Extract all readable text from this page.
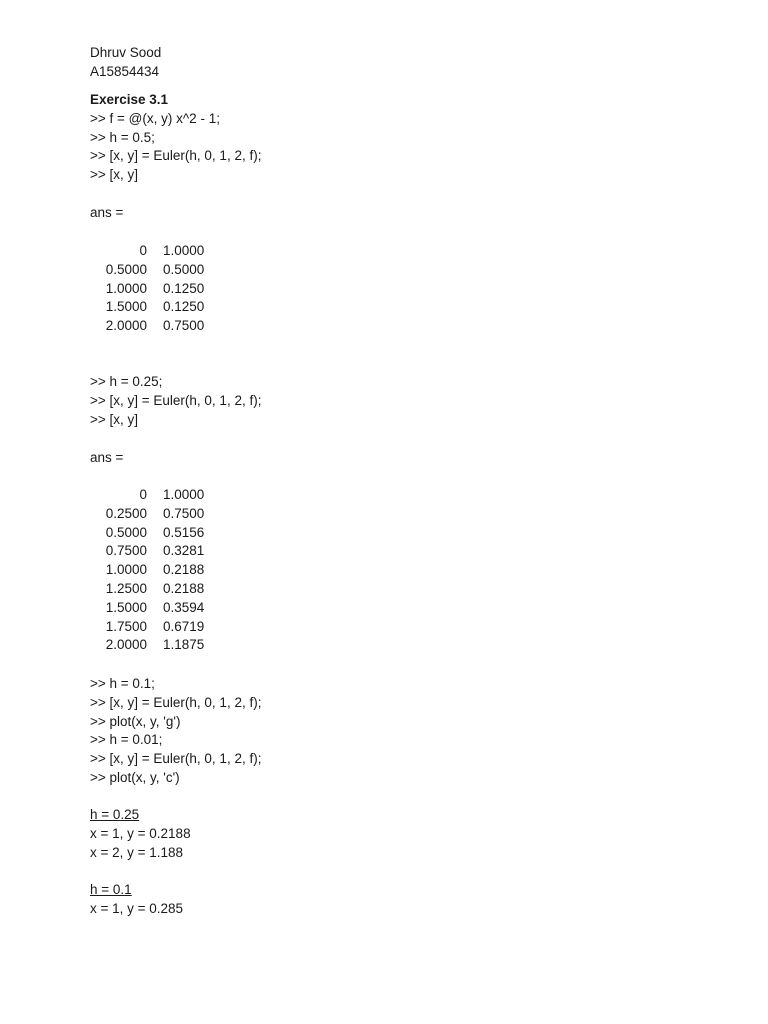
Dhruv Sood
A15854434
Exercise 3.1
>> f = @(x, y) x^2 - 1;
>> h = 0.5;
>> [x, y] = Euler(h, 0, 1, 2, f);
>> [x, y]
ans =
0 1.0000
0.5000 0.5000
1.0000 0.1250
1.5000 0.1250
2.0000 0.7500
>> h = 0.25;
>> [x, y] = Euler(h, 0, 1, 2, f);
>> [x, y]
ans =
0 1.0000
0.2500 0.7500
0.5000 0.5156
0.7500 0.3281
1.0000 0.2188
1.2500 0.2188
1.5000 0.3594
1.7500 0.6719
2.0000 1.1875
>> h = 0.1;
>> [x, y] = Euler(h, 0, 1, 2, f);
>> plot(x, y, 'g')
>> h = 0.01;
>> [x, y] = Euler(h, 0, 1, 2, f);
>> plot(x, y, 'c')
h = 0.25
x = 1, y = 0.2188
x = 2, y = 1.188
h = 0.1
x = 1, y = 0.285
